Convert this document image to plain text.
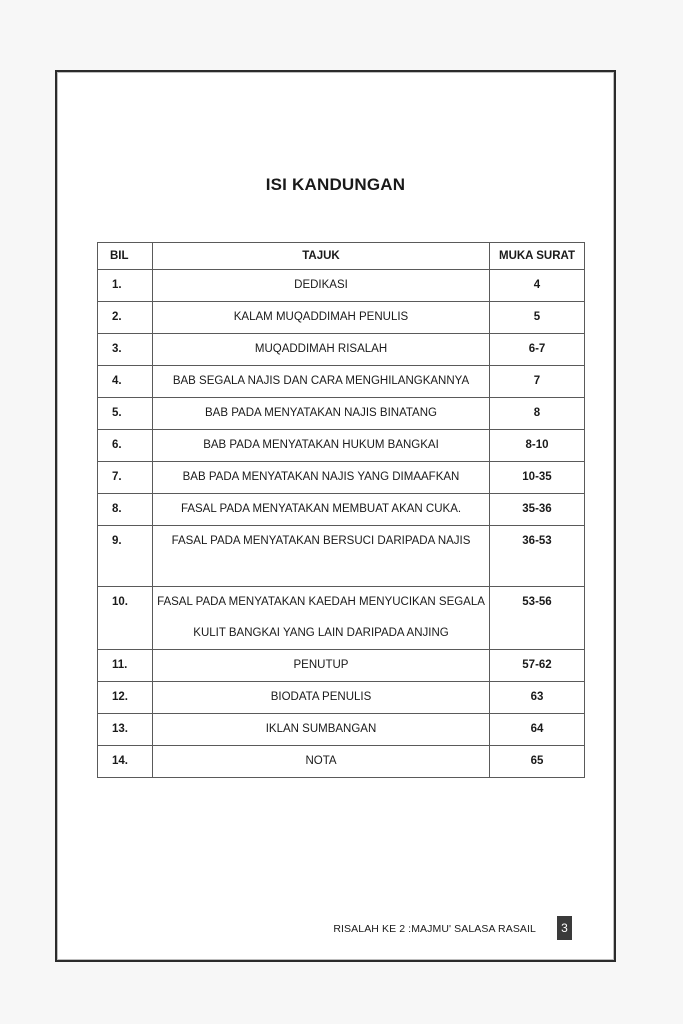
ISI KANDUNGAN
BIL	TAJUK	MUKA SURAT
1.	DEDIKASI	4
2.	KALAM MUQADDIMAH PENULIS	5
3.	MUQADDIMAH RISALAH	6-7
4.	BAB SEGALA NAJIS DAN CARA MENGHILANGKANNYA	7
5.	BAB PADA MENYATAKAN NAJIS BINATANG	8
6.	BAB PADA MENYATAKAN HUKUM BANGKAI	8-10
7.	BAB PADA MENYATAKAN NAJIS YANG DIMAAFKAN	10-35
8.	FASAL PADA MENYATAKAN MEMBUAT AKAN CUKA.	35-36
9.	FASAL PADA MENYATAKAN BERSUCI DARIPADA NAJIS	36-53
10.	FASAL PADA MENYATAKAN KAEDAH MENYUCIKAN SEGALA
KULIT BANGKAI YANG LAIN DARIPADA ANJING	53-56
11.	PENUTUP	57-62
12.	BIODATA PENULIS	63
13.	IKLAN SUMBANGAN	64
14.	NOTA	65
RISALAH KE 2 :MAJMU' SALASA RASAIL	3
